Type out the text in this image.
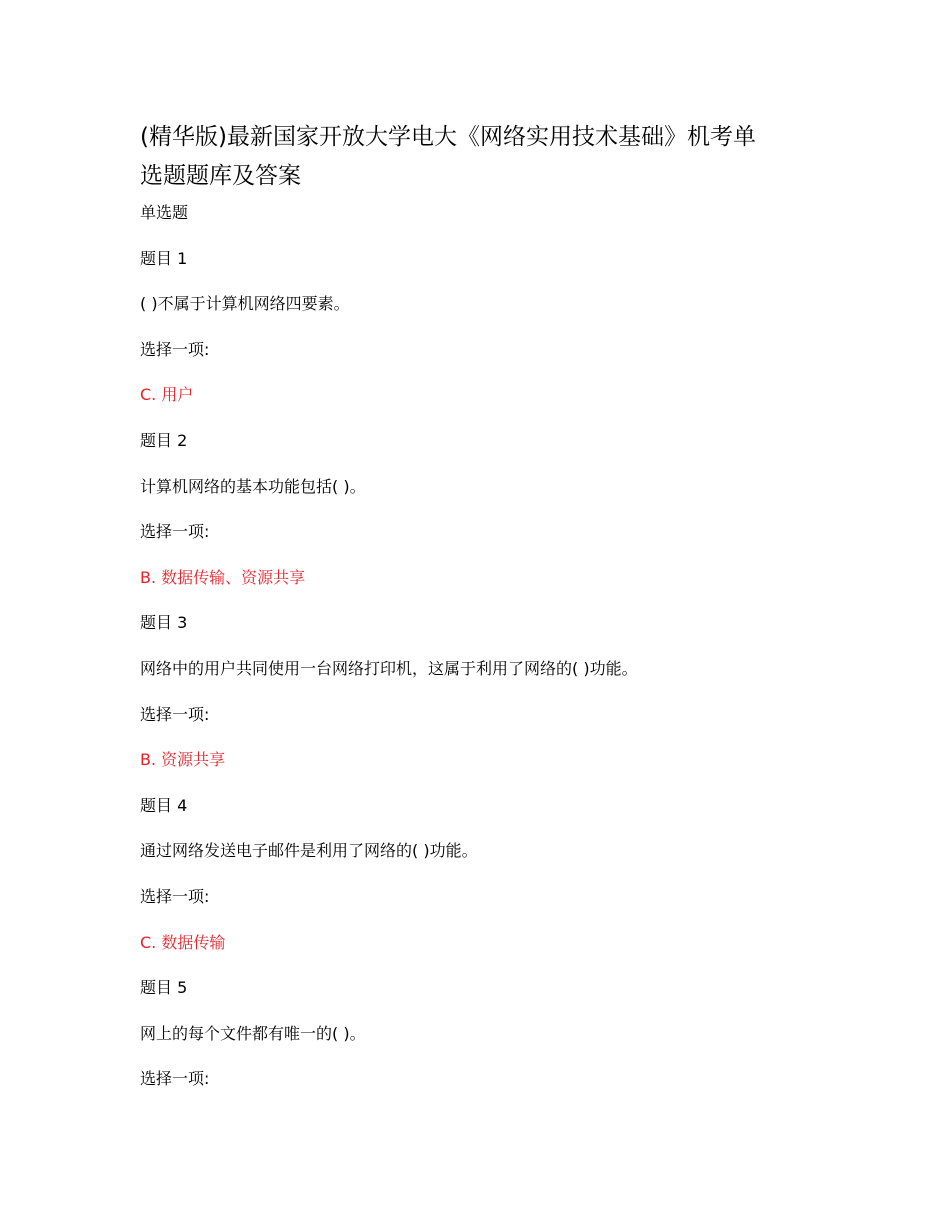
(精华版)最新国家开放大学电大《网络实用技术基础》机考单
选题题库及答案
单选题
题目 1
( )不属于计算机网络四要素。
选择一项:
C. 用户
题目 2
计算机网络的基本功能包括( )。
选择一项:
B. 数据传输、资源共享
题目 3
网络中的用户共同使用一台网络打印机，这属于利用了网络的( )功能。
选择一项:
B. 资源共享
题目 4
通过网络发送电子邮件是利用了网络的( )功能。
选择一项:
C. 数据传输
题目 5
网上的每个文件都有唯一的( )。
选择一项:
